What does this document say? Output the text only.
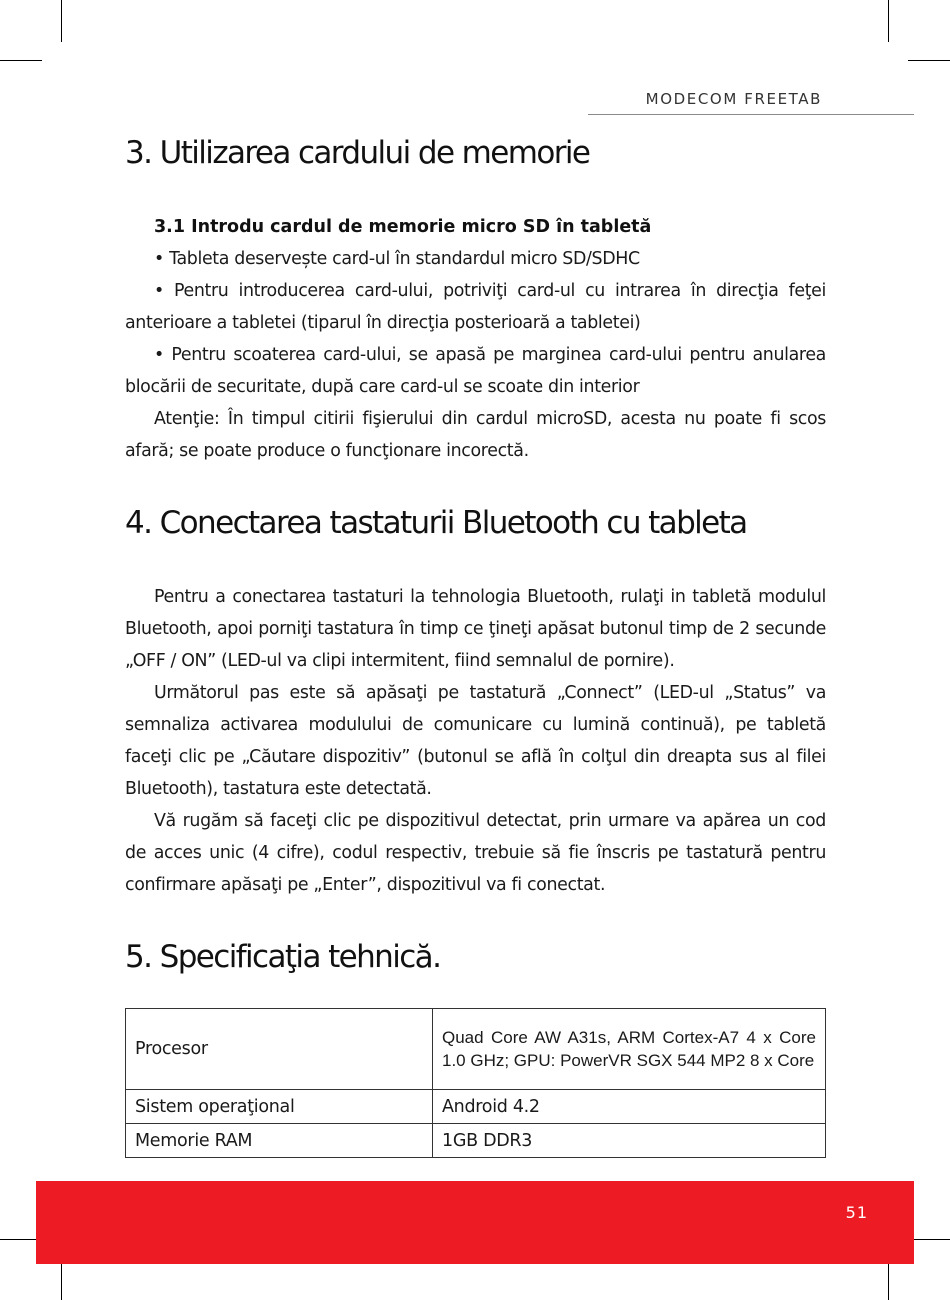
MODECOM FREETAB
3. Utilizarea cardului de memorie
3.1 Introdu cardul de memorie micro SD în tabletă

• Tableta deservește card-ul în standardul micro SD/SDHC

• Pentru introducerea card-ului, potriviţi card-ul cu intrarea în direcţia feţei anterioare a tabletei (tiparul în direcţia posterioară a tabletei)

• Pentru scoaterea card-ului, se apasă pe marginea card-ului pentru anularea blocării de securitate, după care card-ul se scoate din interior

Atenţie: În timpul citirii fişierului din cardul microSD, acesta nu poate fi scos afară; se poate produce o funcţionare incorectă.

4. Conectarea tastaturii Bluetooth cu tableta

Pentru a conectarea tastaturi la tehnologia Bluetooth, rulaţi in tabletă modulul Bluetooth, apoi porniţi tastatura în timp ce ţineţi apăsat butonul timp de 2 secunde „OFF / ON” (LED-ul va clipi intermitent, fiind semnalul de pornire).

Următorul pas este să apăsaţi pe tastatură „Connect” (LED-ul „Status” va semnaliza activarea modulului de comunicare cu lumină continuă), pe tabletă faceţi clic pe „Căutare dispozitiv” (butonul se află în colţul din dreapta sus al filei Bluetooth), tastatura este detectată.

Vă rugăm să faceţi clic pe dispozitivul detectat, prin urmare va apărea un cod de acces unic (4 cifre), codul respectiv, trebuie să fie înscris pe tastatură pentru confirmare apăsaţi pe „Enter”, dispozitivul va fi conectat.

5. Specificaţia tehnică.
Procesor	Quad Core AW A31s, ARM Cortex-A7 4 x Core 1.0 GHz; GPU: PowerVR SGX 544 MP2 8 x Core
Sistem operaţional	Android 4.2
Memorie RAM	1GB DDR3
51
